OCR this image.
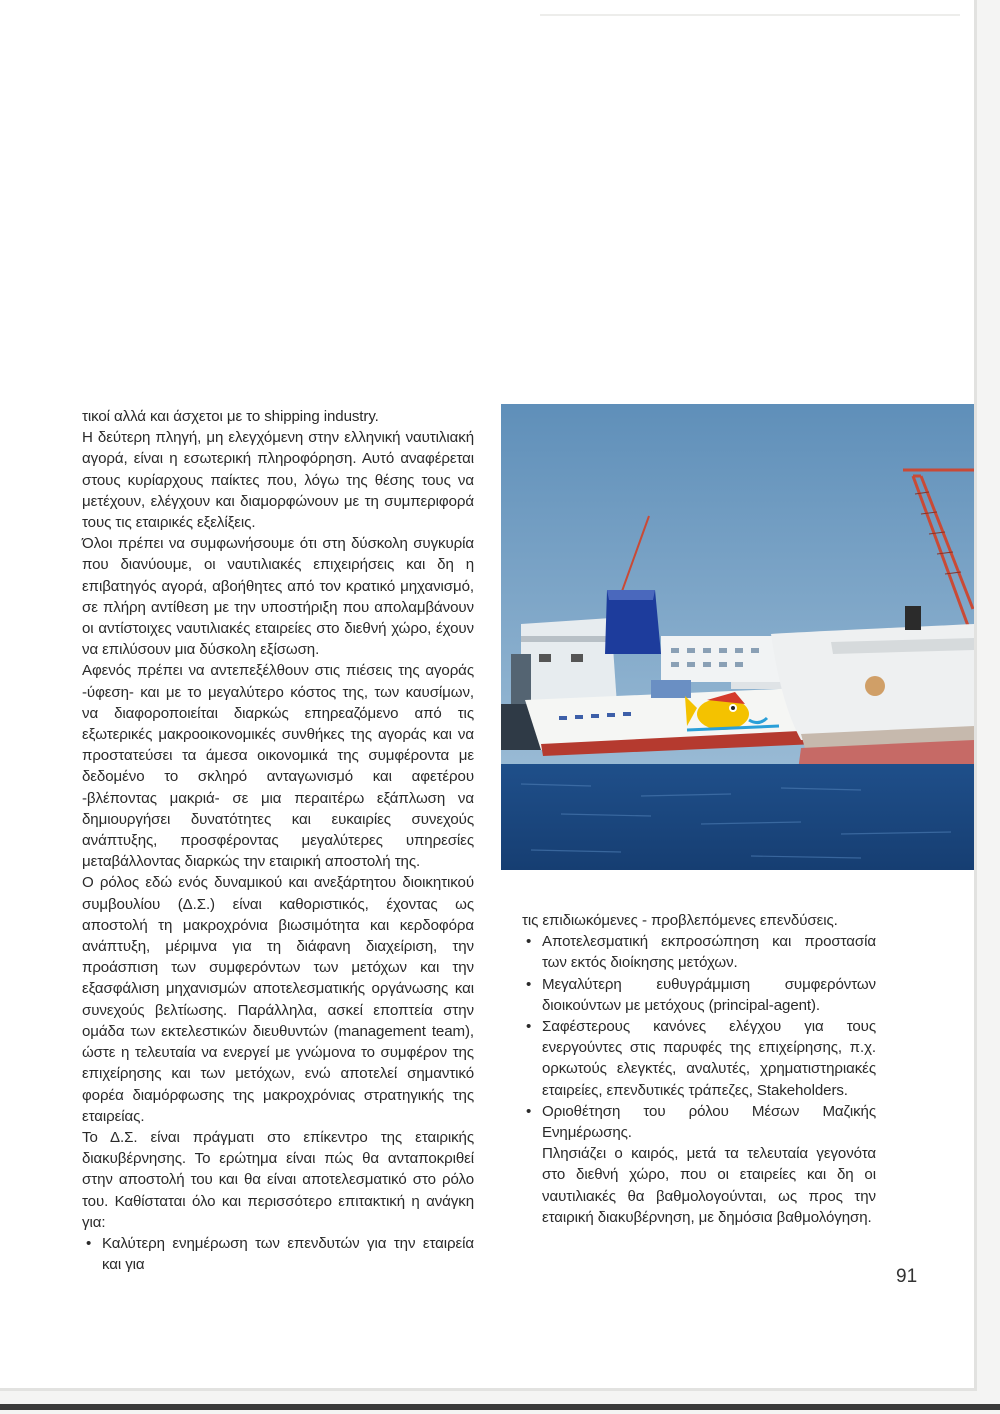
τικοί αλλά και άσχετοι με το shipping industry.

Η δεύτερη πληγή, μη ελεγχόμενη στην ελληνική ναυτιλιακή αγορά, είναι η εσωτερική πληροφόρηση. Αυτό αναφέρεται στους κυρίαρχους παίκτες που, λόγω της θέσης τους να μετέχουν, ελέγχουν και διαμορφώνουν με τη συμπεριφορά τους τις εταιρικές εξελίξεις.

Όλοι πρέπει να συμφωνήσουμε ότι στη δύσκολη συγκυρία που διανύουμε, οι ναυτιλιακές επιχειρήσεις και δη η επιβατηγός αγορά, αβοήθητες από τον κρατικό μηχανισμό, σε πλήρη αντίθεση με την υποστήριξη που απολαμβάνουν οι αντίστοιχες ναυτιλιακές εταιρείες στο διεθνή χώρο, έχουν να επιλύσουν μια δύσκολη εξίσωση.

Αφενός πρέπει να αντεπεξέλθουν στις πιέσεις της αγοράς -ύφεση- και με το μεγαλύτερο κόστος της, των καυσίμων, να διαφοροποιείται διαρκώς επηρεαζόμενο από τις εξωτερικές μακροοικονομικές συνθήκες της αγοράς και να προστατεύσει τα άμεσα οικονομικά της συμφέροντα με δεδομένο το σκληρό ανταγωνισμό και αφετέρου -βλέποντας μακριά- σε μια περαιτέρω εξάπλωση να δημιουργήσει δυνατότητες και ευκαιρίες συνεχούς ανάπτυξης, προσφέροντας μεγαλύτερες υπηρεσίες μεταβάλλοντας διαρκώς την εταιρική αποστολή της.

Ο ρόλος εδώ ενός δυναμικού και ανεξάρτητου διοικητικού συμβουλίου (Δ.Σ.) είναι καθοριστικός, έχοντας ως αποστολή τη μακροχρόνια βιωσιμότητα και κερδοφόρα ανάπτυξη, μέριμνα για τη διάφανη διαχείριση, την προάσπιση των συμφερόντων των μετόχων και την εξασφάλιση μηχανισμών αποτελεσματικής οργάνωσης και συνεχούς βελτίωσης. Παράλληλα, ασκεί εποπτεία στην ομάδα των εκτελεστικών διευθυντών (management team), ώστε η τελευταία να ενεργεί με γνώμονα το συμφέρον της επιχείρησης και των μετόχων, ενώ αποτελεί σημαντικό φορέα διαμόρφωσης της μακροχρόνιας στρατηγικής της εταιρείας.

Το Δ.Σ. είναι πράγματι στο επίκεντρο της εταιρικής διακυβέρνησης. Το ερώτημα είναι πώς θα ανταποκριθεί στην αποστολή του και θα είναι αποτελεσματικό στο ρόλο του. Καθίσταται όλο και περισσότερο επιτακτική η ανάγκη για:

• Καλύτερη ενημέρωση των επενδυτών για την εταιρεία και για

τις επιδιωκόμενες - προβλεπόμενες επενδύσεις.

• Αποτελεσματική εκπροσώπηση και προστασία των εκτός διοίκησης μετόχων.
• Μεγαλύτερη ευθυγράμμιση συμφερόντων διοικούντων με μετόχους (principal-agent).
• Σαφέστερους κανόνες ελέγχου για τους ενεργούντες στις παρυφές της επιχείρησης, π.χ. ορκωτούς ελεγκτές, αναλυτές, χρηματιστηριακές εταιρείες, επενδυτικές τράπεζες, Stakeholders.
• Οριοθέτηση του ρόλου Μέσων Μαζικής Ενημέρωσης.

Πλησιάζει ο καιρός, μετά τα τελευταία γεγονότα στο διεθνή χώρο, που οι εταιρείες και δη οι ναυτιλιακές θα βαθμολογούνται, ως προς την εταιρική διακυβέρνηση, με δημόσια βαθμολόγηση.

91
